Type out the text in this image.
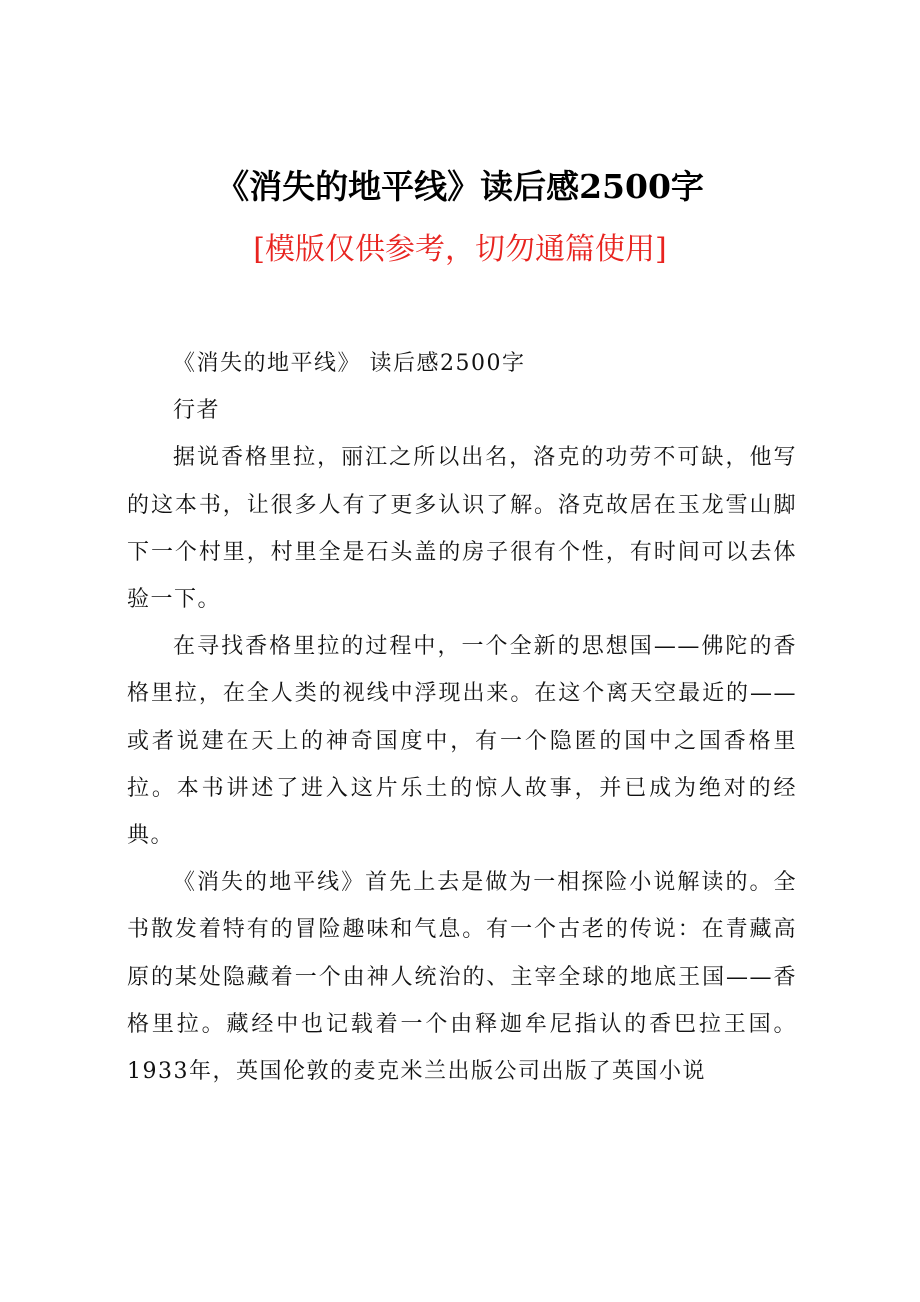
《消失的地平线》读后感2500字
[模版仅供参考，切勿通篇使用]

《消失的地平线》 读后感2500字

行者

据说香格里拉，丽江之所以出名，洛克的功劳不可缺，他写的这本书，让很多人有了更多认识了解。洛克故居在玉龙雪山脚下一个村里，村里全是石头盖的房子很有个性，有时间可以去体验一下。

在寻找香格里拉的过程中，一个全新的思想国——佛陀的香格里拉，在全人类的视线中浮现出来。在这个离天空最近的——或者说建在天上的神奇国度中，有一个隐匿的国中之国香格里拉。本书讲述了进入这片乐土的惊人故事，并已成为绝对的经典。

《消失的地平线》首先上去是做为一相探险小说解读的。全书散发着特有的冒险趣味和气息。有一个古老的传说：在青藏高原的某处隐藏着一个由神人统治的、主宰全球的地底王国——香格里拉。藏经中也记载着一个由释迦牟尼指认的香巴拉王国。1933年，英国伦敦的麦克米兰出版公司出版了英国小说
